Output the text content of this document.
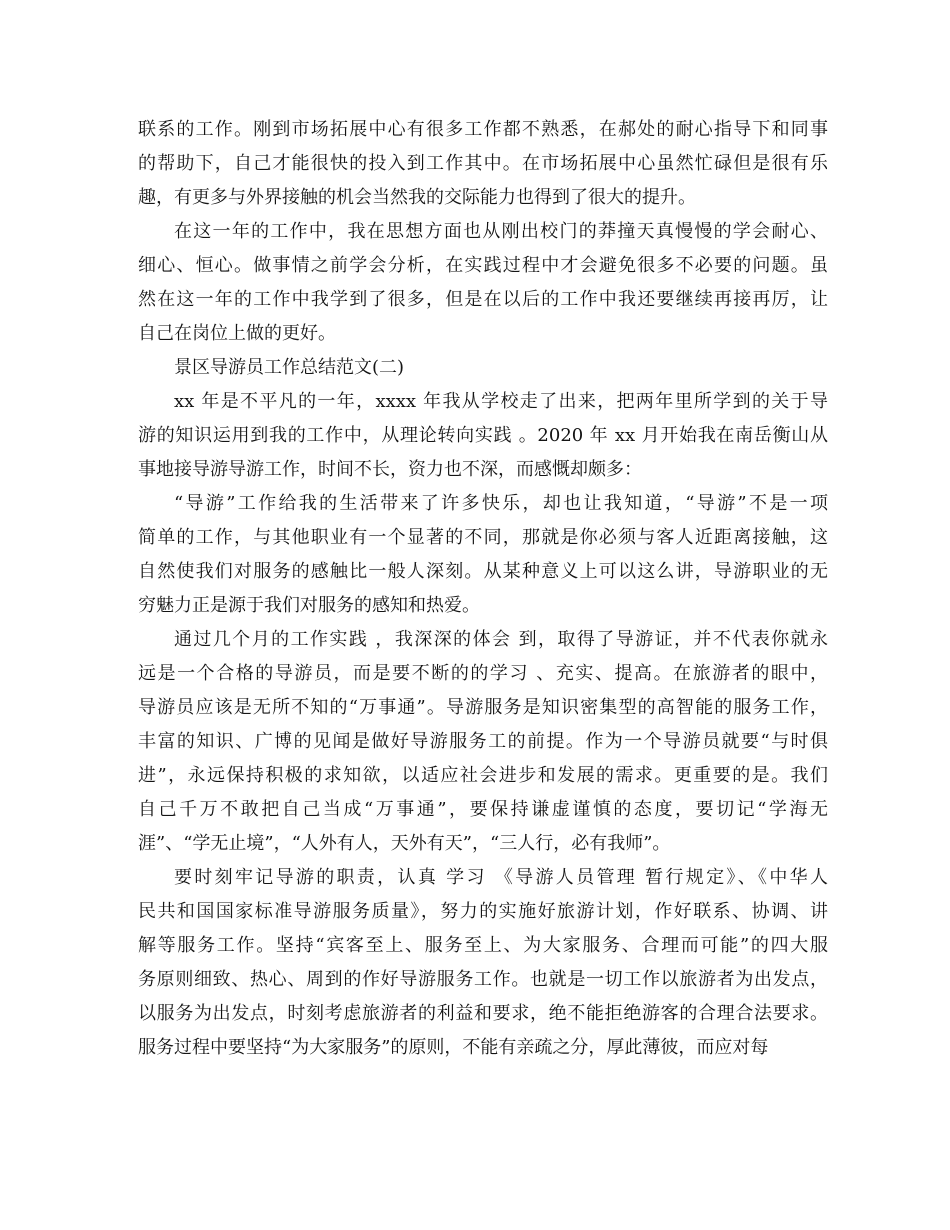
联系的工作。刚到市场拓展中心有很多工作都不熟悉，在郝处的耐心指导下和同事
的帮助下，自己才能很快的投入到工作其中。在市场拓展中心虽然忙碌但是很有乐
趣，有更多与外界接触的机会当然我的交际能力也得到了很大的提升。
在这一年的工作中，我在思想方面也从刚出校门的莽撞天真慢慢的学会耐心、
细心、恒心。做事情之前学会分析，在实践过程中才会避免很多不必要的问题。虽
然在这一年的工作中我学到了很多，但是在以后的工作中我还要继续再接再厉，让
自己在岗位上做的更好。
景区导游员工作总结范文(二)
xx 年是不平凡的一年，xxxx 年我从学校走了出来，把两年里所学到的关于导
游的知识运用到我的工作中，从理论转向实践 。2020 年 xx 月开始我在南岳衡山从
事地接导游导游工作，时间不长，资力也不深，而感慨却颇多：
“导游”工作给我的生活带来了许多快乐，却也让我知道，“导游”不是一项
简单的工作，与其他职业有一个显著的不同，那就是你必须与客人近距离接触，这
自然使我们对服务的感触比一般人深刻。从某种意义上可以这么讲，导游职业的无
穷魅力正是源于我们对服务的感知和热爱。
通过几个月的工作实践 ，我深深的体会 到，取得了导游证，并不代表你就永
远是一个合格的导游员，而是要不断的的学习 、充实、提高。在旅游者的眼中，
导游员应该是无所不知的“万事通”。导游服务是知识密集型的高智能的服务工作，
丰富的知识、广博的见闻是做好导游服务工的前提。作为一个导游员就要“与时俱
进”，永远保持积极的求知欲，以适应社会进步和发展的需求。更重要的是。我们
自己千万不敢把自己当成“万事通”，要保持谦虚谨慎的态度，要切记“学海无
涯”、“学无止境”，“人外有人，天外有天”，“三人行，必有我师”。
要时刻牢记导游的职责，认真 学习 《导游人员管理 暂行规定》、《中华人
民共和国国家标准导游服务质量》，努力的实施好旅游计划，作好联系、协调、讲
解等服务工作。坚持“宾客至上、服务至上、为大家服务、合理而可能”的四大服
务原则细致、热心、周到的作好导游服务工作。也就是一切工作以旅游者为出发点，
以服务为出发点，时刻考虑旅游者的利益和要求，绝不能拒绝游客的合理合法要求。
服务过程中要坚持“为大家服务”的原则，不能有亲疏之分，厚此薄彼，而应对每
